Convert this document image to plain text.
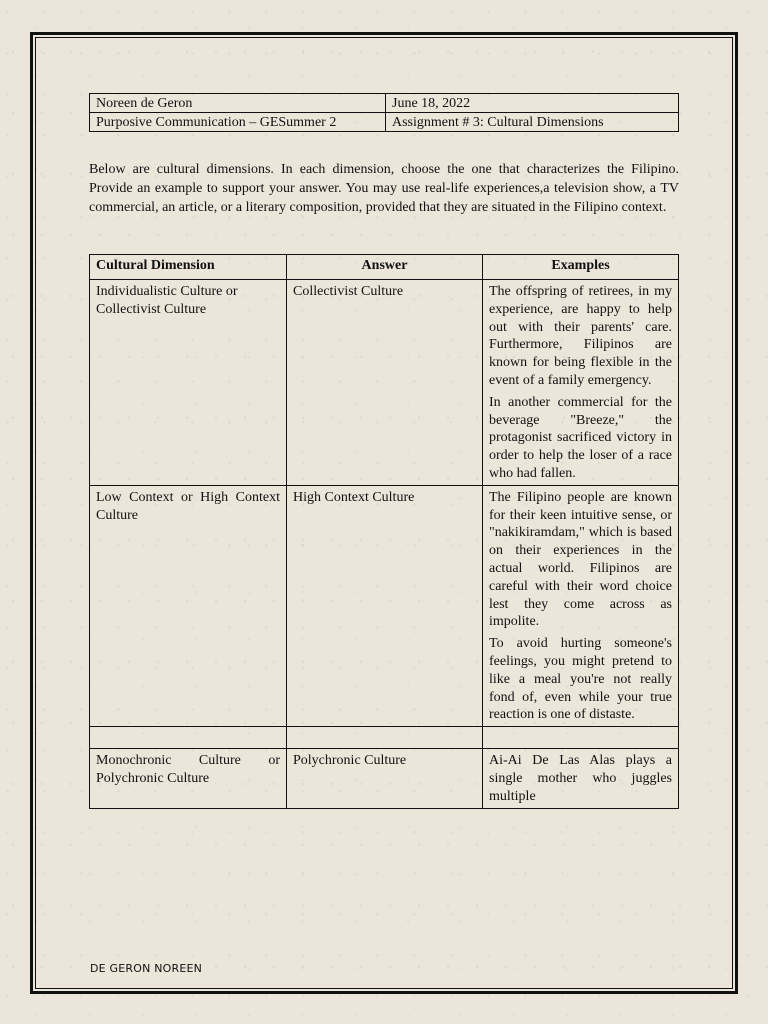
Noreen de Geron	June 18, 2022
Purposive Communication – GESummer 2	Assignment # 3: Cultural Dimensions

Below are cultural dimensions. In each dimension, choose the one that characterizes the Filipino. Provide an example to support your answer. You may use real-life experiences,a television show, a TV commercial, an article, or a literary composition, provided that they are situated in the Filipino context.

Cultural Dimension	Answer	Examples
Individualistic Culture or Collectivist Culture	Collectivist Culture	The offspring of retirees, in my experience, are happy to help out with their parents' care. Furthermore, Filipinos are known for being flexible in the event of a family emergency.

In another commercial for the beverage "Breeze," the protagonist sacrificed victory in order to help the loser of a race who had fallen.

Low Context or High Context Culture	High Context Culture	The Filipino people are known for their keen intuitive sense, or "nakikiramdam," which is based on their experiences in the actual world. Filipinos are careful with their word choice lest they come across as impolite.

To avoid hurting someone's feelings, you might pretend to like a meal you're not really fond of, even while your true reaction is one of distaste.

Monochronic Culture or Polychronic Culture	Polychronic Culture	Ai-Ai De Las Alas plays a single mother who juggles multiple

DE GERON NOREEN
